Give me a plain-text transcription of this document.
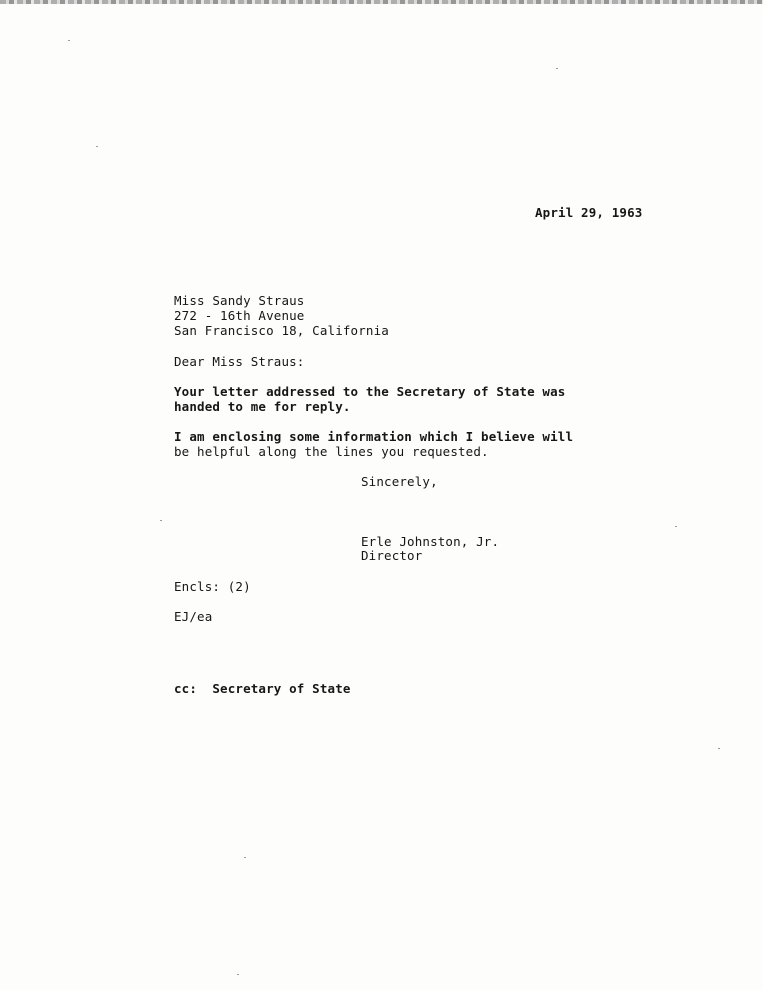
April 29, 1963
Miss Sandy Straus
272 - 16th Avenue
San Francisco 18, California
Dear Miss Straus:
Your letter addressed to the Secretary of State was
handed to me for reply.
I am enclosing some information which I believe will
be helpful along the lines you requested.
Sincerely,
Erle Johnston, Jr.
Director
Encls: (2)
EJ/ea
cc:  Secretary of State
